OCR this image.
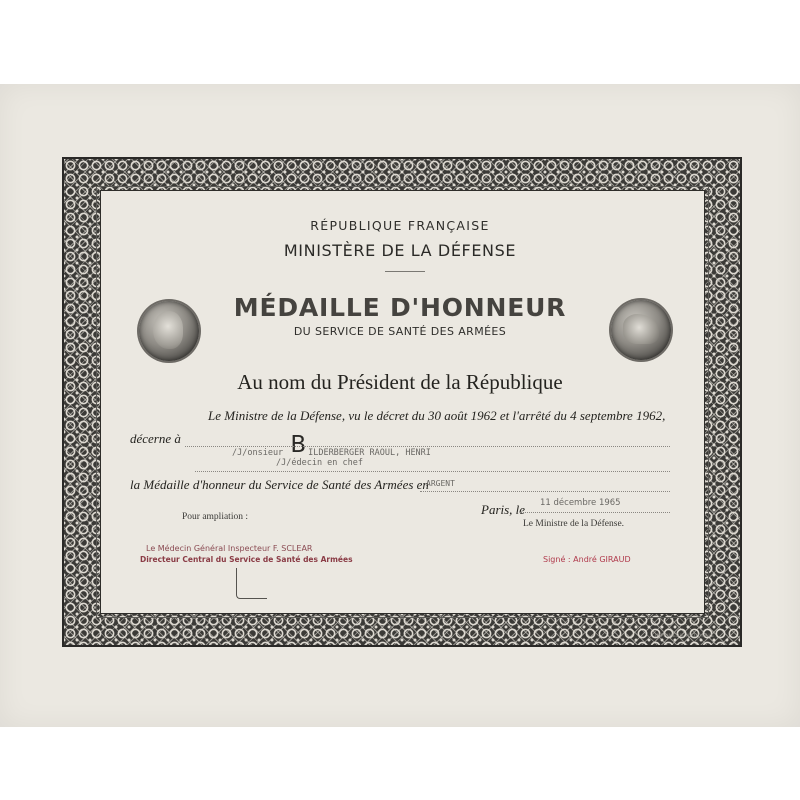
RÉPUBLIQUE FRANÇAISE
MINISTÈRE DE LA DÉFENSE
MÉDAILLE D'HONNEUR
DU SERVICE DE SANTÉ DES ARMÉES
Au nom du Président de la République
Le Ministre de la Défense, vu le décret du 30 août 1962 et l'arrêté du 4 septembre 1962,
décerne à
/J/onsieur B ILDERBERGER RAOUL, HENRI
/J/édecin en chef
la Médaille d'honneur du Service de Santé des Armées en
ARGENT
Paris, le 11 décembre 1965
Le Ministre de la Défense.
Pour ampliation :
Le Médecin Général Inspecteur F. SCLEAR
Directeur Central du Service de Santé des Armées	Signé : André GIRAUD
IMPRIMERIE NATIONALE
